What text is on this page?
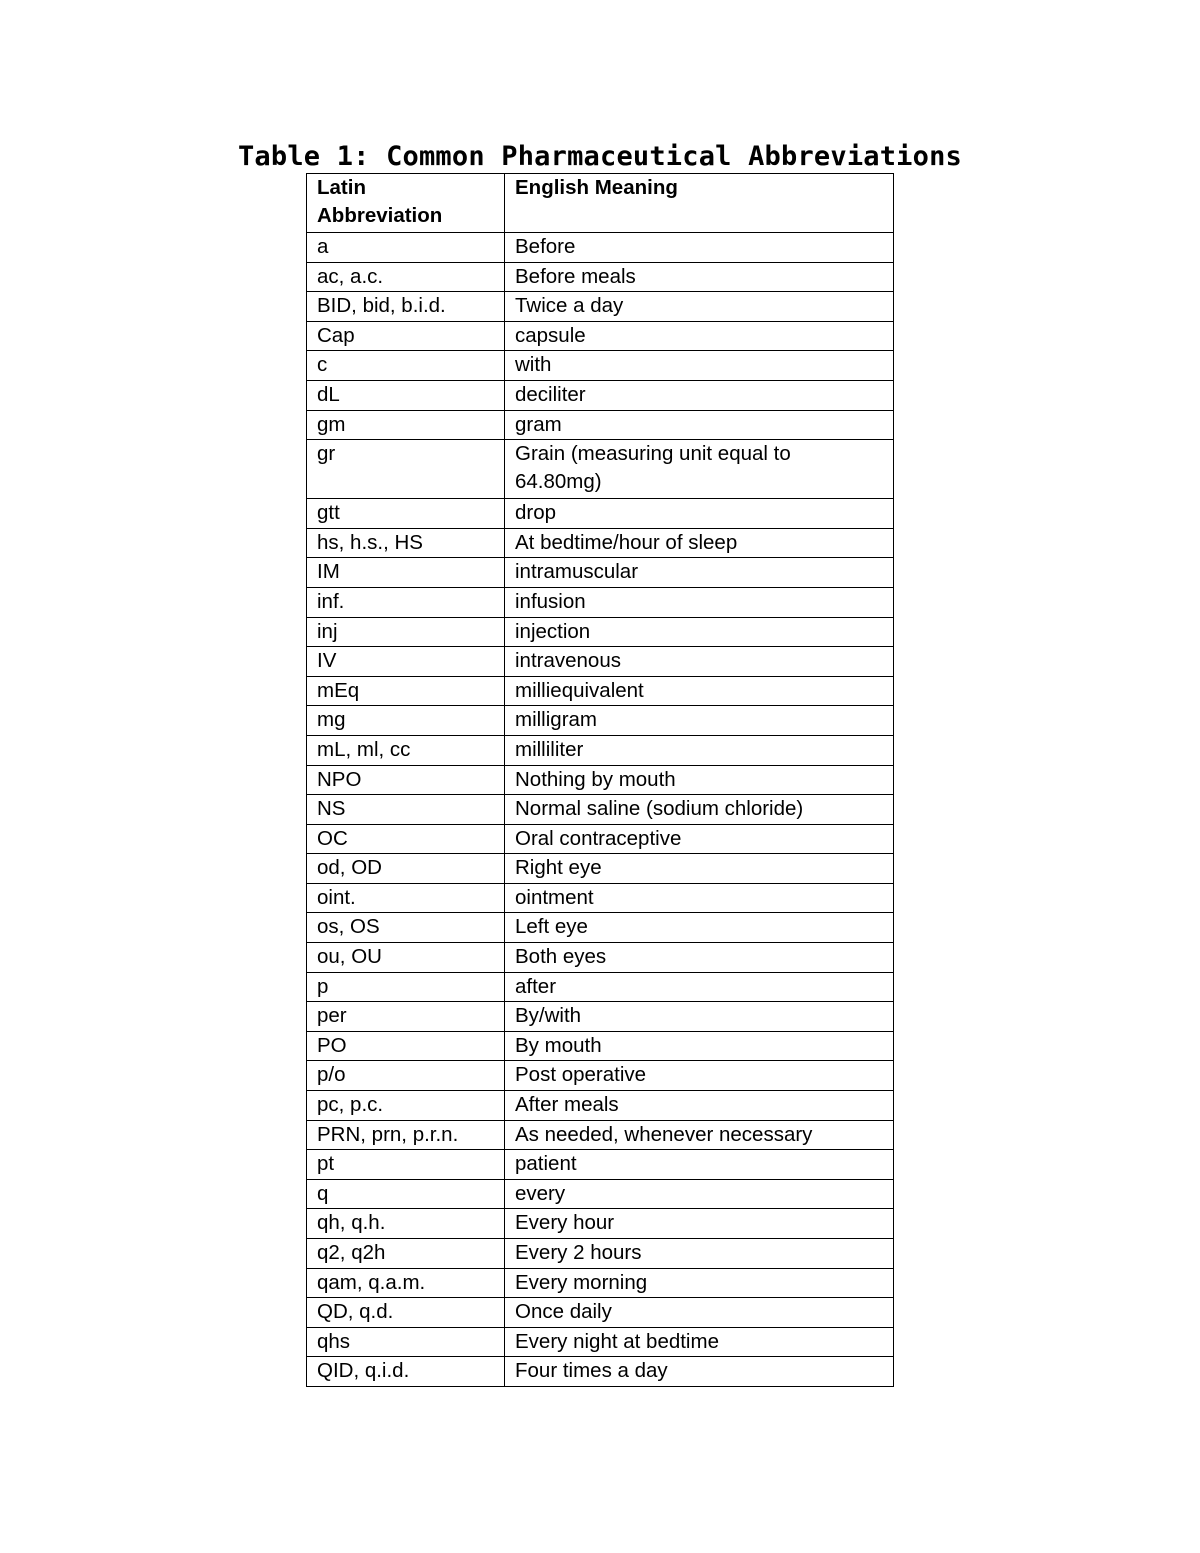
Table 1: Common Pharmaceutical Abbreviations
Latin Abbreviation	English Meaning
a	Before
ac, a.c.	Before meals
BID, bid, b.i.d.	Twice a day
Cap	capsule
c	with
dL	deciliter
gm	gram
gr	Grain (measuring unit equal to 64.80mg)
gtt	drop
hs, h.s., HS	At bedtime/hour of sleep
IM	intramuscular
inf.	infusion
inj	injection
IV	intravenous
mEq	milliequivalent
mg	milligram
mL, ml, cc	milliliter
NPO	Nothing by mouth
NS	Normal saline (sodium chloride)
OC	Oral contraceptive
od, OD	Right eye
oint.	ointment
os, OS	Left eye
ou, OU	Both eyes
p	after
per	By/with
PO	By mouth
p/o	Post operative
pc, p.c.	After meals
PRN, prn, p.r.n.	As needed, whenever necessary
pt	patient
q	every
qh, q.h.	Every hour
q2, q2h	Every 2 hours
qam, q.a.m.	Every morning
QD, q.d.	Once daily
qhs	Every night at bedtime
QID, q.i.d.	Four times a day
